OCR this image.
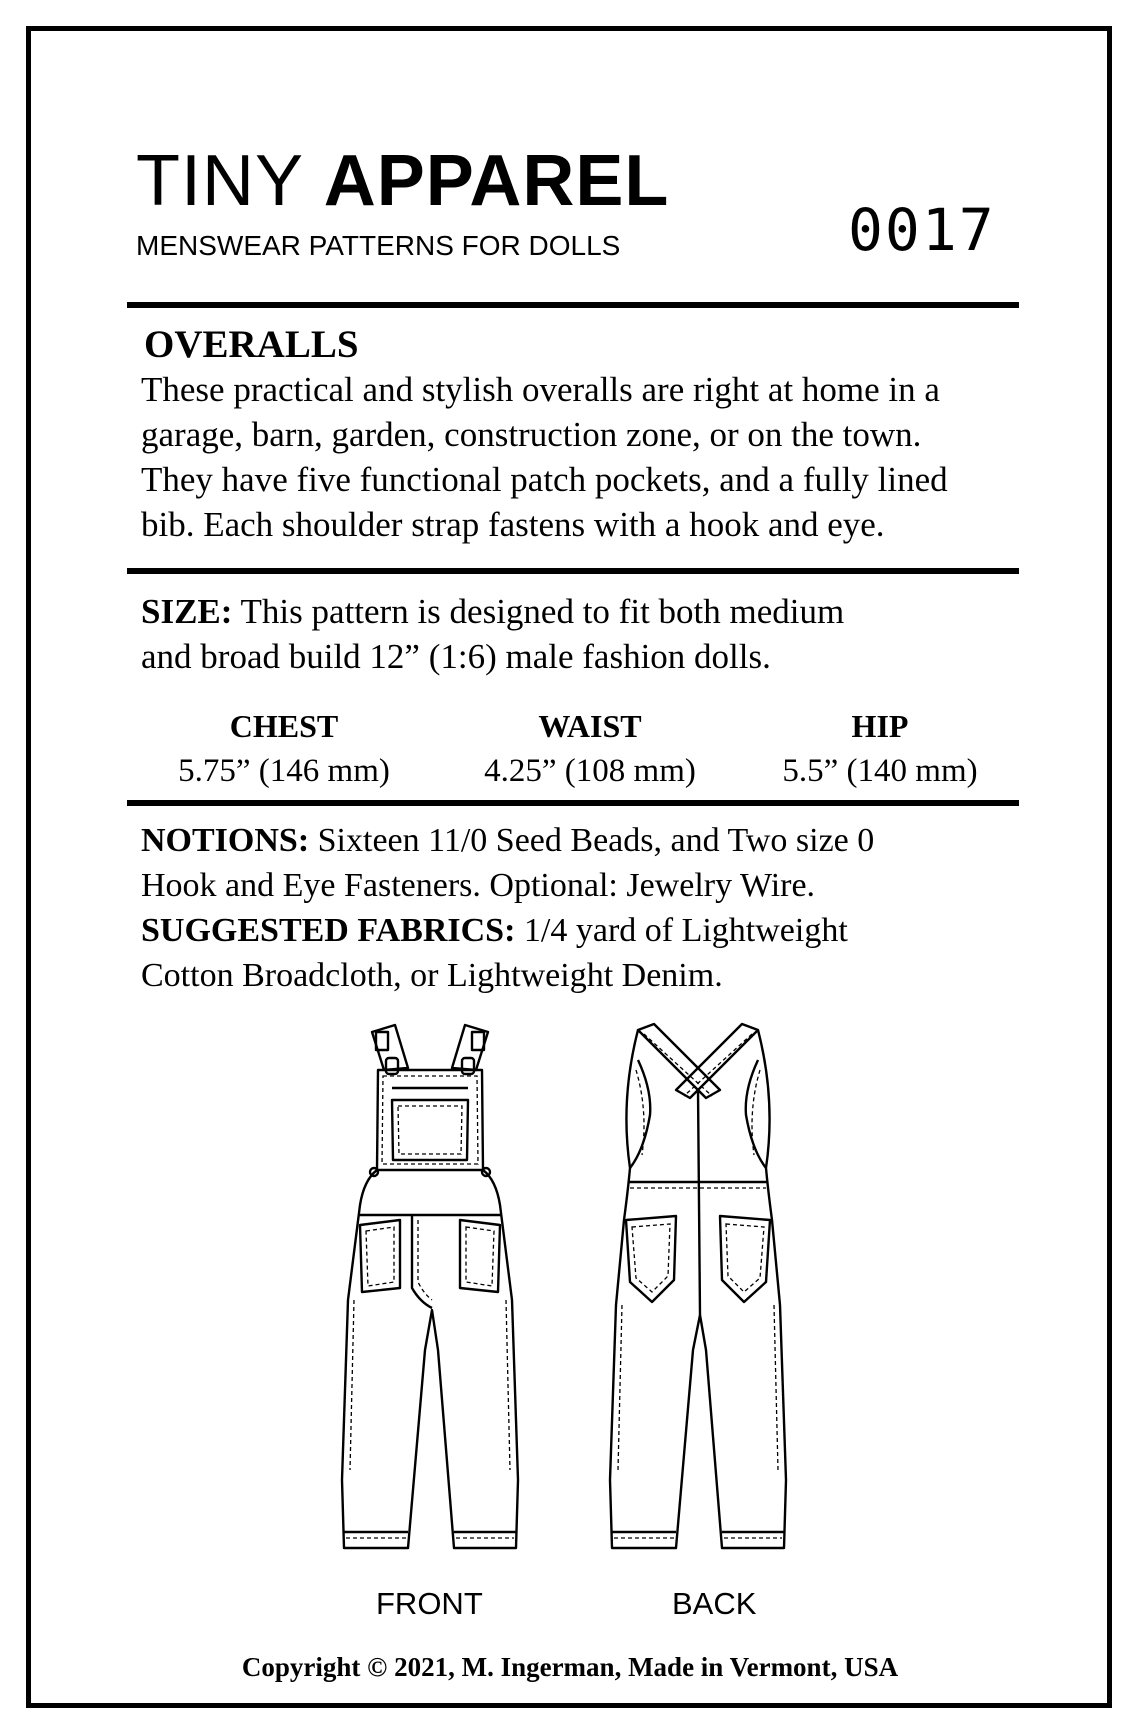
TINY APPAREL
MENSWEAR PATTERNS FOR DOLLS	0017
OVERALLS
These practical and stylish overalls are right at home in a
garage, barn, garden, construction zone, or on the town.
They have five functional patch pockets, and a fully lined
bib. Each shoulder strap fastens with a hook and eye.
SIZE: This pattern is designed to fit both medium
and broad build 12” (1:6) male fashion dolls.
CHEST
5.75” (146 mm)
WAIST
4.25” (108 mm)
HIP
5.5” (140 mm)
NOTIONS: Sixteen 11/0 Seed Beads, and Two size 0
Hook and Eye Fasteners. Optional: Jewelry Wire.
SUGGESTED FABRICS: 1/4 yard of Lightweight
Cotton Broadcloth, or Lightweight Denim.
FRONT	BACK
Copyright © 2021, M. Ingerman, Made in Vermont, USA
